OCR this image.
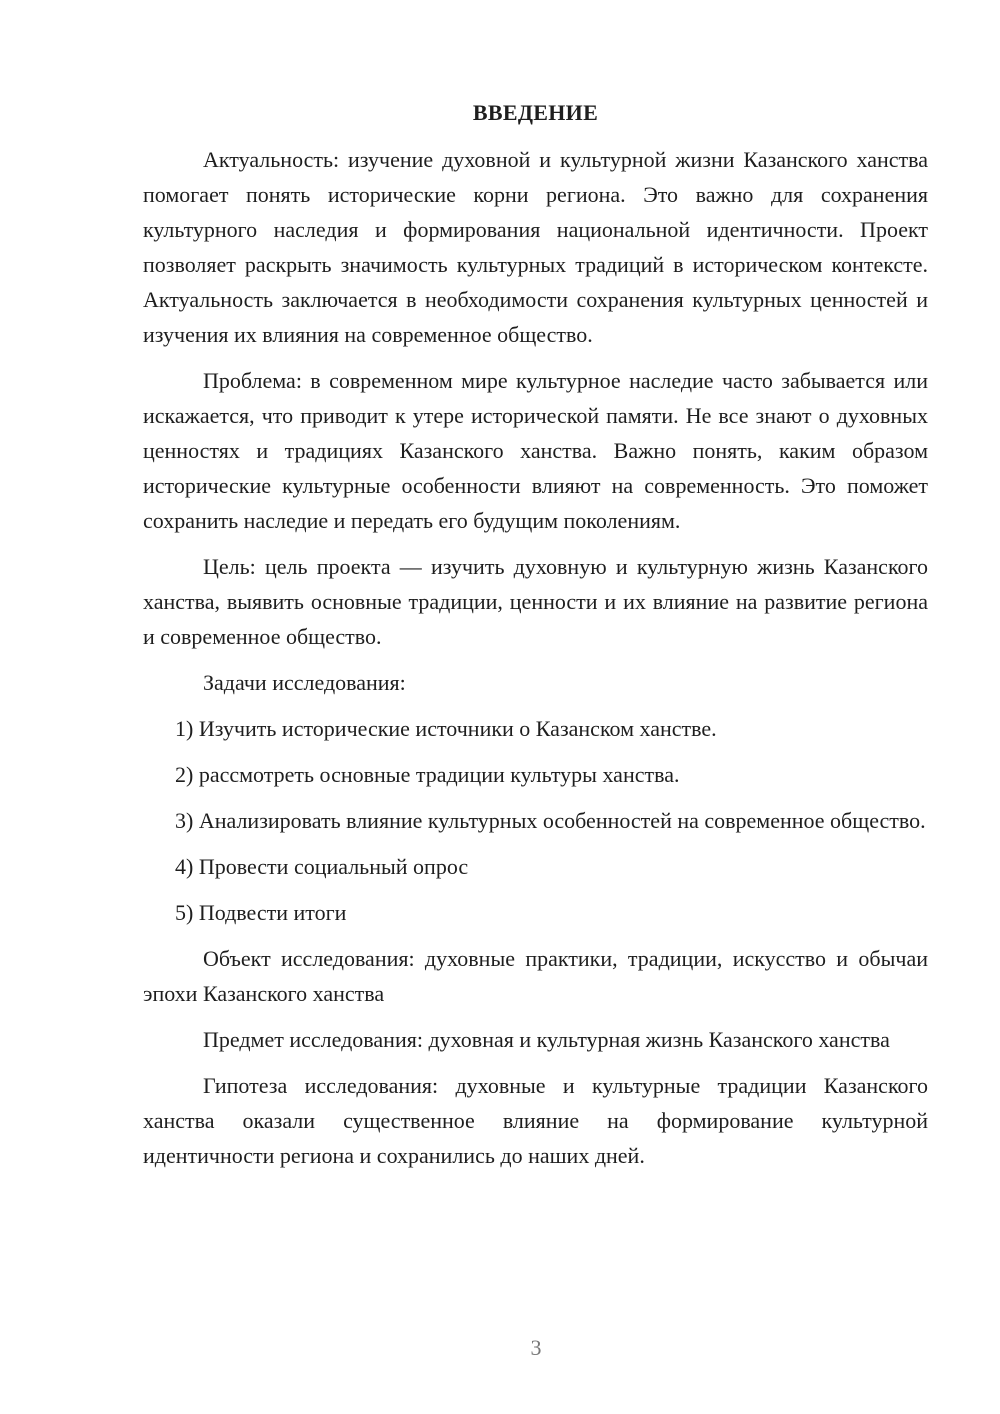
ВВЕДЕНИЕ

Актуальность: изучение духовной и культурной жизни Казанского ханства помогает понять исторические корни региона. Это важно для сохранения культурного наследия и формирования национальной идентичности. Проект позволяет раскрыть значимость культурных традиций в историческом контексте. Актуальность заключается в необходимости сохранения культурных ценностей и изучения их влияния на современное общество.

Проблема: в современном мире культурное наследие часто забывается или искажается, что приводит к утере исторической памяти. Не все знают о духовных ценностях и традициях Казанского ханства. Важно понять, каким образом исторические культурные особенности влияют на современность. Это поможет сохранить наследие и передать его будущим поколениям.

Цель: цель проекта — изучить духовную и культурную жизнь Казанского ханства, выявить основные традиции, ценности и их влияние на развитие региона и современное общество.

Задачи исследования:

1) Изучить исторические источники о Казанском ханстве.

2) рассмотреть основные традиции культуры ханства.

3) Анализировать влияние культурных особенностей на современное общество.

4) Провести социальный опрос

5) Подвести итоги

Объект исследования: духовные практики, традиции, искусство и обычаи эпохи Казанского ханства

Предмет исследования: духовная и культурная жизнь Казанского ханства

Гипотеза исследования: духовные и культурные традиции Казанского ханства оказали существенное влияние на формирование культурной идентичности региона и сохранились до наших дней.

3
